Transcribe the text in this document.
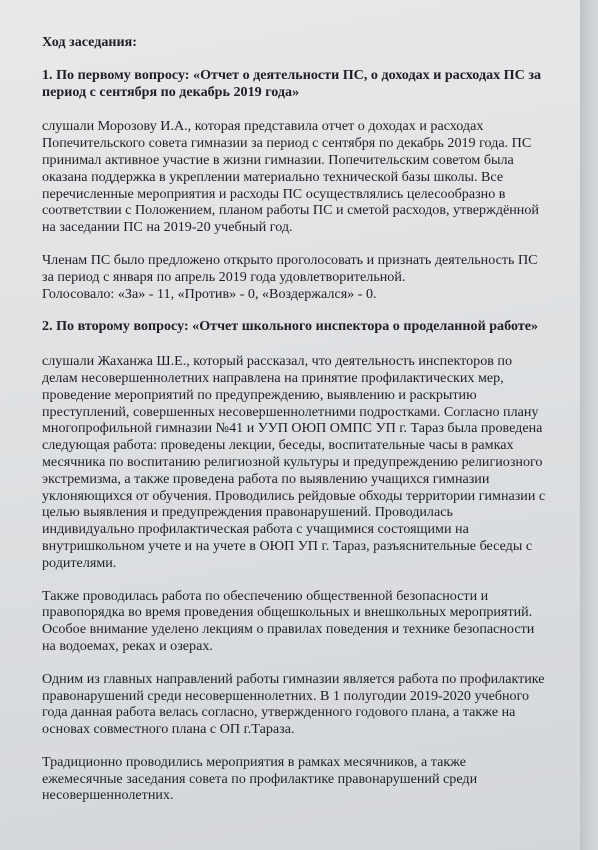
Ход заседания:

1. По первому вопросу: «Отчет о деятельности ПС, о доходах и расходах ПС за
период с сентября по декабрь 2019 года»

слушали Морозову И.А., которая представила отчет о доходах и расходах
Попечительского совета гимназии за период с сентября по декабрь 2019 года. ПС
принимал активное участие в жизни гимназии. Попечительским советом была
оказана поддержка в укреплении материально технической базы школы. Все
перечисленные мероприятия и расходы ПС осуществлялись целесообразно в
соответствии с Положением, планом работы ПС и сметой расходов, утверждённой
на заседании ПС на 2019-20 учебный год.

Членам ПС было предложено открыто проголосовать и признать деятельность ПС
за период с января по апрель 2019 года удовлетворительной.
Голосовало: «За» - 11, «Против» - 0, «Воздержался» - 0.

2. По второму вопросу: «Отчет школьного инспектора о проделанной работе»

слушали Жаханжа Ш.Е., который рассказал, что деятельность инспекторов по
делам несовершеннолетних направлена на принятие профилактических мер,
проведение мероприятий по предупреждению, выявлению и раскрытию
преступлений, совершенных несовершеннолетними подростками. Согласно плану
многопрофильной гимназии №41 и УУП ОЮП ОМПС УП г. Тараз была проведена
следующая работа: проведены лекции, беседы, воспитательные часы в рамках
месячника по воспитанию религиозной культуры и предупреждению религиозного
экстремизма, а также проведена работа по выявлению учащихся гимназии
уклоняющихся от обучения. Проводились рейдовые обходы территории гимназии с
целью выявления и предупреждения правонарушений. Проводилась
индивидуально профилактическая работа с учащимися состоящими на
внутришкольном учете и на учете в ОЮП УП г. Тараз, разъяснительные беседы с
родителями.

Также проводилась работа по обеспечению общественной безопасности и
правопорядка во время проведения общешкольных и внешкольных мероприятий.
Особое внимание уделено лекциям о правилах поведения и технике безопасности
на водоемах, реках и озерах.

Одним из главных направлений работы гимназии является работа по профилактике
правонарушений среди несовершеннолетних. В 1 полугодии 2019-2020 учебного
года данная работа велась согласно, утвержденного годового плана, а также на
основах совместного плана с ОП г.Тараза.

Традиционно проводились мероприятия в рамках месячников, а также
ежемесячные заседания совета по профилактике правонарушений среди
несовершеннолетних.
